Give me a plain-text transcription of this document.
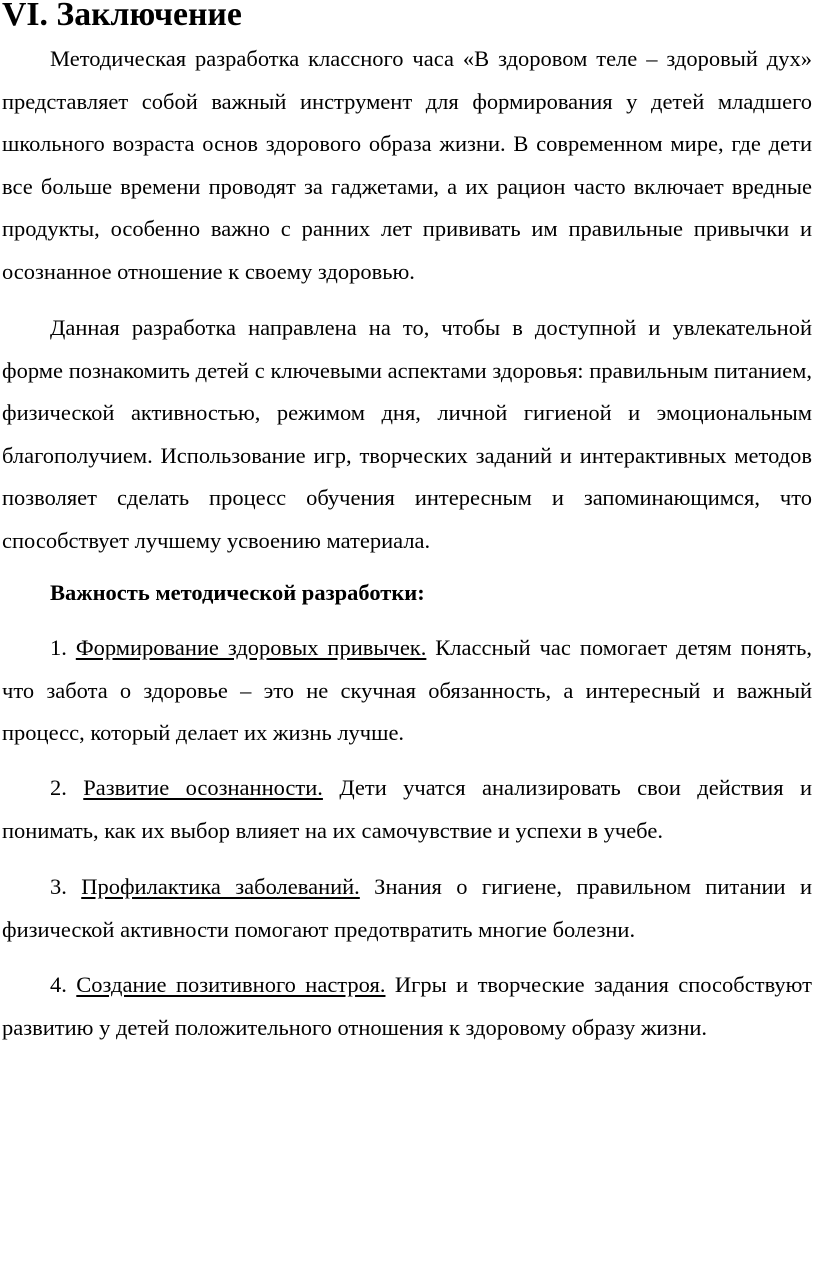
VI. Заключение

Методическая разработка классного часа «В здоровом теле – здоровый дух» представляет собой важный инструмент для формирования у детей младшего школьного возраста основ здорового образа жизни. В современном мире, где дети все больше времени проводят за гаджетами, а их рацион часто включает вредные продукты, особенно важно с ранних лет прививать им правильные привычки и осознанное отношение к своему здоровью.

Данная разработка направлена на то, чтобы в доступной и увлекательной форме познакомить детей с ключевыми аспектами здоровья: правильным питанием, физической активностью, режимом дня, личной гигиеной и эмоциональным благополучием. Использование игр, творческих заданий и интерактивных методов позволяет сделать процесс обучения интересным и запоминающимся, что способствует лучшему усвоению материала.

Важность методической разработки:

1. Формирование здоровых привычек. Классный час помогает детям понять, что забота о здоровье – это не скучная обязанность, а интересный и важный процесс, который делает их жизнь лучше.

2. Развитие осознанности. Дети учатся анализировать свои действия и понимать, как их выбор влияет на их самочувствие и успехи в учебе.

3. Профилактика заболеваний. Знания о гигиене, правильном питании и физической активности помогают предотвратить многие болезни.

4. Создание позитивного настроя. Игры и творческие задания способствуют развитию у детей положительного отношения к здоровому образу жизни.
